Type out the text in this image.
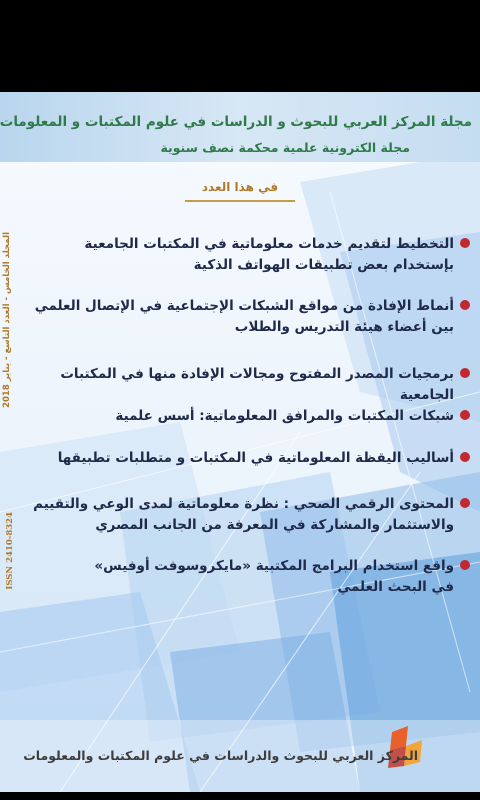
مجلة المركز العربي للبحوث و الدراسات في علوم المكتبات و المعلومات
مجلة الكترونية علمية محكمة نصف سنوية
في هذا العدد
التخطيط لتقديم خدمات معلوماتية في المكتبات الجامعية
بإستخدام بعض تطبيقات الهواتف الذكية
أنماط الإفادة من مواقع الشبكات الإجتماعية في الإتصال العلمي
بين أعضاء هيئة التدريس والطلاب
برمجيات المصدر المفتوح ومجالات الإفادة منها في المكتبات الجامعية
شبكات المكتبات والمرافق المعلوماتية: أسس علمية
أساليب اليقظة المعلوماتية في المكتبات و متطلبات تطبيقها
المحتوى الرقمي الصحي : نظرة معلوماتية لمدى الوعي والتقييم
والاستثمار والمشاركة في المعرفة من الجانب المصري
واقع استخدام البرامج المكتبية «مايكروسوفت أوفيس»
في البحث العلمي
المجلد الخامس - العدد التاسع - يناير 2018
ISSN 2410-8324
المركز العربي للبحوث والدراسات في علوم المكتبات والمعلومات
